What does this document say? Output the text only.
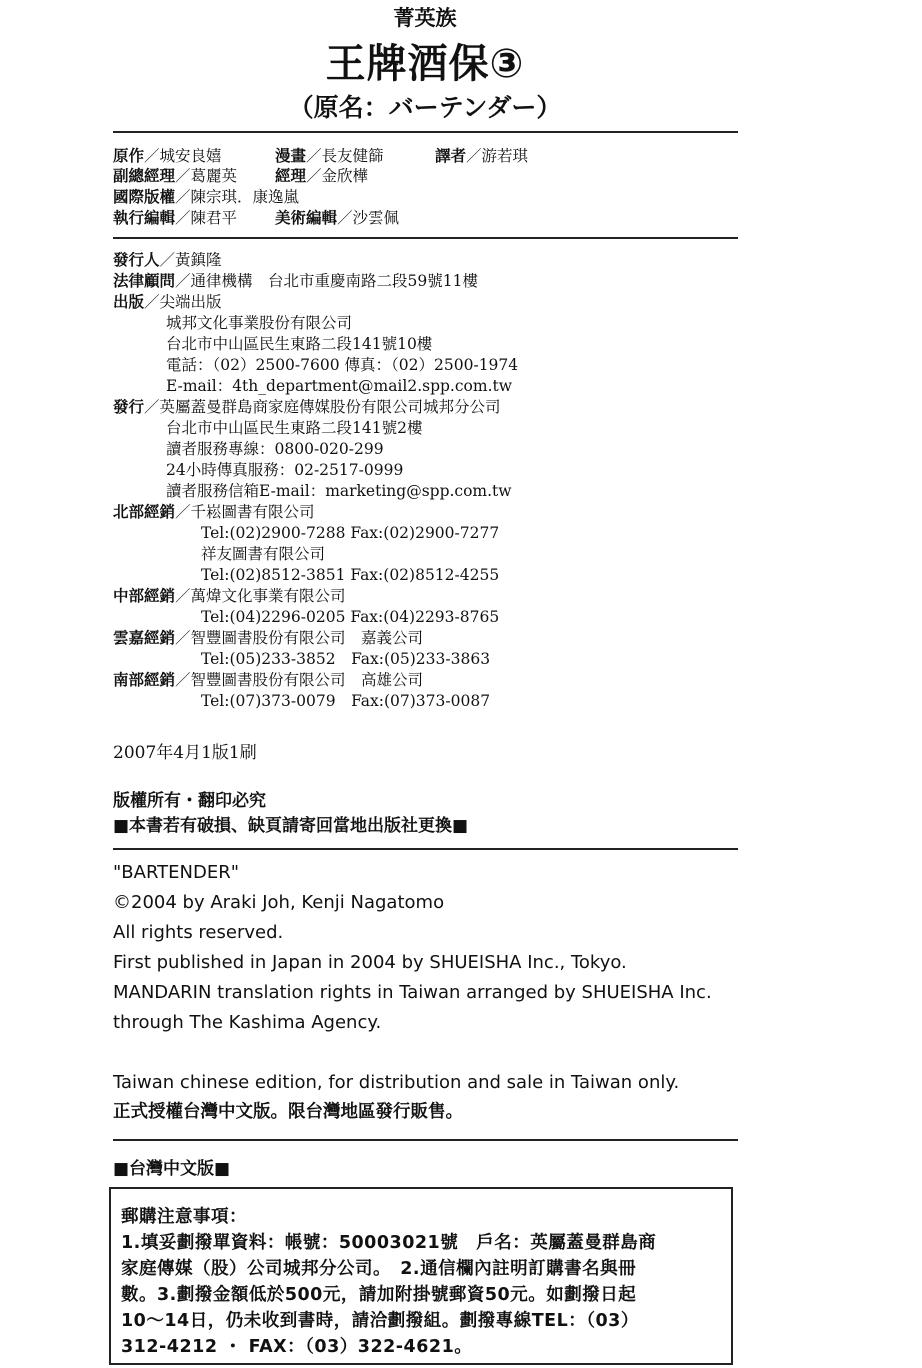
菁英族
王牌酒保③
（原名：バーテンダー）
原作／城安良嬉	漫畫／長友健篩	譯者／游若琪
副總經理／葛麗英 經理／金欣樺
國際版權／陳宗琪．康逸嵐
執行編輯／陳君平 美術編輯／沙雲佩
發行人／黃鎮隆
法律顧問／通律機構　台北市重慶南路二段59號11樓
出版／尖端出版
城邦文化事業股份有限公司
台北市中山區民生東路二段141號10樓
電話：（02）2500-7600 傳真：（02）2500-1974
E-mail：4th_department@mail2.spp.com.tw
發行／英屬蓋曼群島商家庭傳媒股份有限公司城邦分公司
台北市中山區民生東路二段141號2樓
讀者服務專線：0800-020-299
24小時傳真服務：02-2517-0999
讀者服務信箱E-mail：marketing@spp.com.tw
北部經銷／千崧圖書有限公司
Tel:(02)2900-7288 Fax:(02)2900-7277
祥友圖書有限公司
Tel:(02)8512-3851 Fax:(02)8512-4255
中部經銷／萬煒文化事業有限公司
Tel:(04)2296-0205 Fax:(04)2293-8765
雲嘉經銷／智豐圖書股份有限公司　嘉義公司
Tel:(05)233-3852　Fax:(05)233-3863
南部經銷／智豐圖書股份有限公司　高雄公司
Tel:(07)373-0079　Fax:(07)373-0087
2007年4月1版1刷
版權所有・翻印必究
■本書若有破損、缺頁請寄回當地出版社更換■
"BARTENDER"
©2004 by Araki Joh, Kenji Nagatomo
All rights reserved.
First published in Japan in 2004 by SHUEISHA Inc., Tokyo.
MANDARIN translation rights in Taiwan arranged by SHUEISHA Inc.
through The Kashima Agency.
Taiwan chinese edition, for distribution and sale in Taiwan only.
正式授權台灣中文版。限台灣地區發行販售。
■台灣中文版■
郵購注意事項：
1.填妥劃撥單資料：帳號：50003021號　戶名：英屬蓋曼群島商
家庭傳媒（股）公司城邦分公司。　2.通信欄內註明訂購書名與冊
數。3.劃撥金額低於500元，請加附掛號郵資50元。如劃撥日起
10～14日，仍未收到書時，請洽劃撥組。劃撥專線TEL：（03）
312-4212 ・ FAX：（03）322-4621。
